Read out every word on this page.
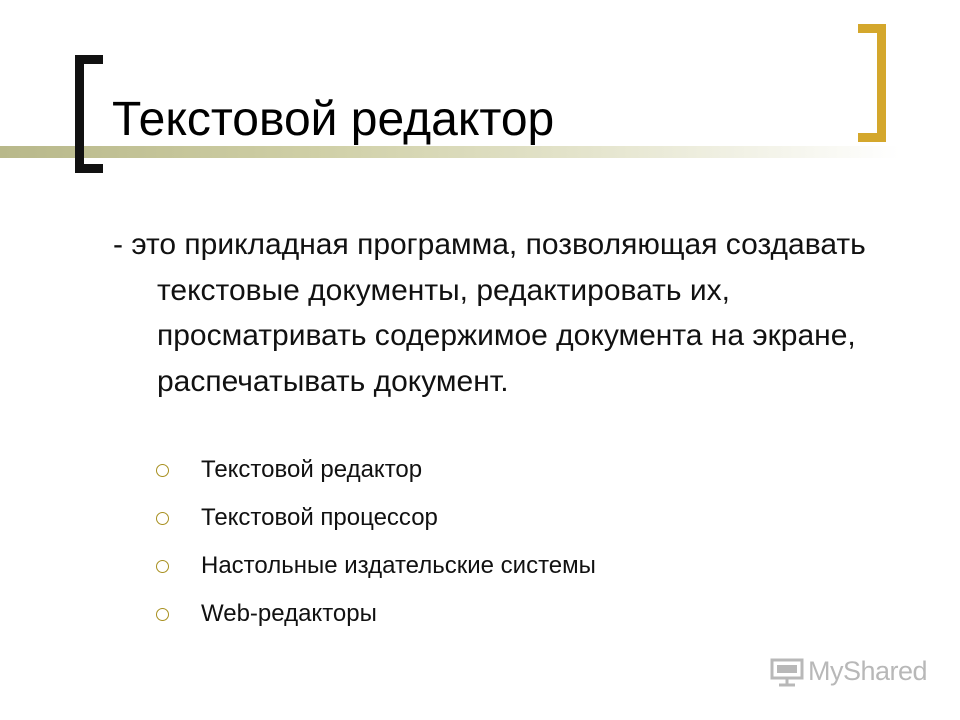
Текстовой редактор

- это прикладная программа, позволяющая создавать текстовые документы, редактировать их, просматривать содержимое документа на экране, распечатывать документ.

Текстовой редактор
Текстовой процессор
Настольные издательские системы
Web-редакторы
MyShared
